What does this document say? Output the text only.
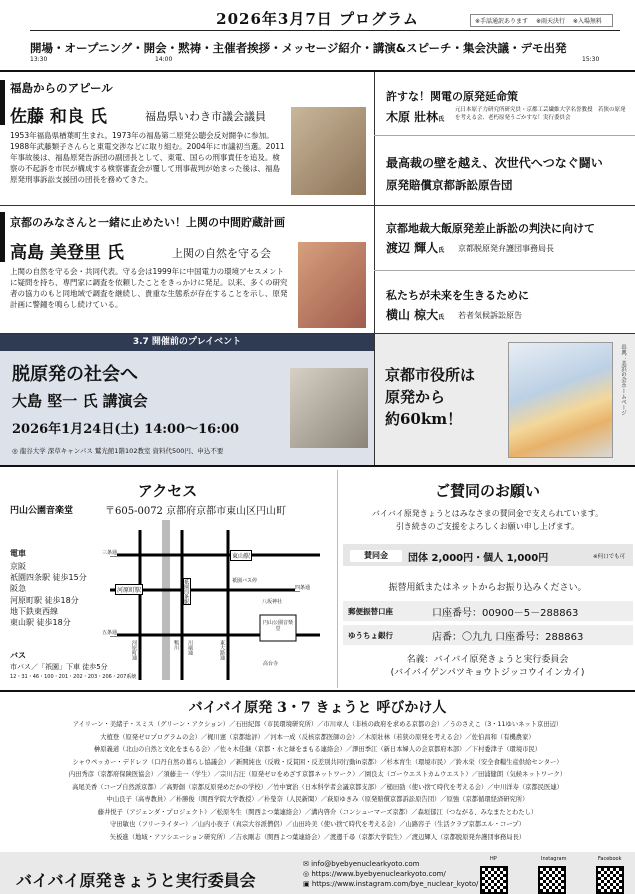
2026年3月7日 プログラム	※手話通訳あります ※雨天決行 ※入場無料
開場・オープニング・開会・黙祷・主催者挨拶・メッセージ紹介・講演&スピーチ・集会決議・デモ出発
13:30	14:00	15:30
福島からのアピール
佐藤 和良 氏	福島県いわき市議会議員
1953年福島県楢葉町生まれ。1973年の福島第二原発公聴会反対闘争に参加。1988年武藤類子さんらと東電交渉などに取り組む。2004年に市議初当選。2011年事故後は、福島原発告訴団の副団長として、東電、国らの刑事責任を追及。検察の不起訴を市民が構成する検察審査会が覆して刑事裁判が始まった後は、福島原発刑事訴訟支援団の団長を務めてきた。
京都のみなさんと一緒に止めたい！上関の中間貯蔵計画
高島 美登里 氏	上関の自然を守る会
上関の自然を守る会・共同代表。守る会は1999年に中国電力の環境アセスメントに疑問を持ち、専門家に調査を依頼したことをきっかけに発足。以来、多くの研究者の協力のもと同地域で調査を継続し、貴重な生態系が存在することを示し、原発計画に警鐘を鳴らし続けている。
許すな！関電の原発延命策
木原 壯林氏
元日本原子力研究所研究員・京都工芸繊維大学名誉教授　若狭の原発を考える会、老朽原発うごかすな！実行委員会
最高裁の壁を越え、次世代へつなぐ闘い
原発賠償京都訴訟原告団
京都地裁大飯原発差止訴訟の判決に向けて
渡辺 輝人氏 京都脱原発弁護団事務局長
私たちが未来を生きるために
横山 椋大氏 若者気候訴訟原告
3.7 開催前のプレイベント
脱原発の社会へ
大島 堅一 氏 講演会
2026年1月24日(土) 14:00〜16:00
◎ 龍谷大学 深草キャンパス 鷲光館1階102教室 資料代500円、申込不要
京都市役所は
原発から
約60km！
出典：美浜の会ホームページ
アクセス
円山公園音楽堂	〒605-0072 京都府京都市東山区円山町
電車
京阪
祇園四条駅 徒歩15分
阪急
河原町駅 徒歩18分
地下鉄東西線
東山駅 徒歩18分
バス
市バス／「祇園」下車 徒歩5分
12・31・46・100・201・202・203・206・207系統
三条通	東山駅
四条通
五条通
河原町駅	祇園四条駅	祇園バス停
八坂神社
円山公園音楽堂
河原町通	鴨川 川端通	東大路通
高台寺
ご賛同のお願い
バイバイ原発きょうとはみなさまの賛同金で支えられています。
引き続きのご支援をよろしくお願い申し上げます。
賛同金	団体 2,000円・個人 1,000円	※何口でも可
振替用紙またはネットからお振り込みください。
郵便振替口座	口座番号：00900－5－288863
ゆうちょ銀行	店番：〇九九 口座番号：288863
名義：バイバイ原発きょうと実行委員会
(バイバイゲンパツキョウトジッコウイインカイ)
バイバイ原発 3・7 きょうと 呼びかけ人
アイリーン・美緒子・スミス（グリーン・アクション）／石田紀郎（市民環境研究所）／市川章人（非核の政府を求める京都の会）／うのさえこ（3・11ゆいネット京田辺）
大植登（原発ゼロプログラムの会）／梶川憲（京都総評）／河本一成（反核京都医師の会）／木原壯林（若狭の原発を考える会）／佐伯昌和（有機農家）
榊原義道（北山の自然と文化をまもる会）／佐々木佳継（京都・水と緑をまもる連絡会）／澤田季江（新日本婦人の会京都府本部）／下村委津子（環境市民）
シャウペッカー・デドレフ（口丹自然の暮らし協議会）／新開純也（反戦・反貧困・反差別共同行動in京都）／杉本育生（環境市民）／鈴木栄（安全食糧生産供給センター）
内田秀彦（京都府保険医協会）／須藤圭一（学生）／宗川吉汪（原発ゼロをめざす京都ネットワーク）／園良太（ゴーウエストカムウエスト）／田浦健朗（気候ネットワーク）
高尾美香（コープ自然派京都）／高野創（京都反原発めだかの学校）／竹中實治（日本科学者会議京都支部）／槌田劭（使い捨て時代を考える会）／中川洋寿（京都民医連）
中山良子（高専教員）／朴勝俊（関西学院大学教授）／朴瑩奈（人民新聞）／萩原ゆきみ（原発賠償京都訴訟原告団）／原強（京都循環経済研究所）
藤井悦子（アジェンダ・プロジェクト）／松原冬生（関西よつ葉連絡会）／溝内啓介（コンシューマーズ京都）／森垣郁江（つながる、みなまたとわたし）
守田敏也（フリーライター）／山内小夜子（真宗大谷派僧侶）／山田玲美（使い捨て時代を考える会）／山路容子（生活クラブ京都エル・コープ）
矢板進（地域・アソシエーション研究所）／吉永剛志（関西よつ葉連絡会）／渡邊千尋（京都大学院生）／渡辺輝人（京都脱原発弁護団事務局長）
バイバイ原発きょうと実行委員会
✉ info@byebyenuclearkyoto.com
◎ https://www.byebyenuclearkyoto.com/
▣ https://www.instagram.com/bye_nuclear_kyoto/
HP	Instagram	Facebook
